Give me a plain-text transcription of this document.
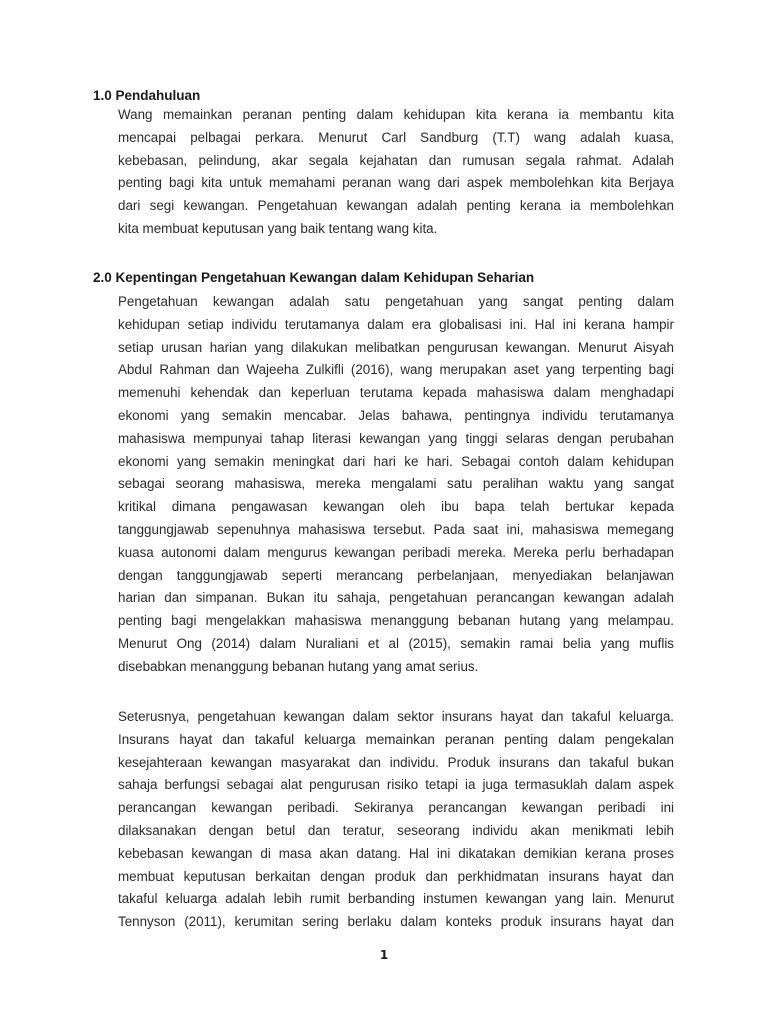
1.0 Pendahuluan
Wang memainkan peranan penting dalam kehidupan kita kerana ia membantu kita
mencapai pelbagai perkara. Menurut Carl Sandburg (T.T) wang adalah kuasa,
kebebasan, pelindung, akar segala kejahatan dan rumusan segala rahmat. Adalah
penting bagi kita untuk memahami peranan wang dari aspek membolehkan kita Berjaya
dari segi kewangan. Pengetahuan kewangan adalah penting kerana ia membolehkan
kita membuat keputusan yang baik tentang wang kita.
2.0 Kepentingan Pengetahuan Kewangan dalam Kehidupan Seharian
Pengetahuan kewangan adalah satu pengetahuan yang sangat penting dalam
kehidupan setiap individu terutamanya dalam era globalisasi ini. Hal ini kerana hampir
setiap urusan harian yang dilakukan melibatkan pengurusan kewangan. Menurut Aisyah
Abdul Rahman dan Wajeeha Zulkifli (2016), wang merupakan aset yang terpenting bagi
memenuhi kehendak dan keperluan terutama kepada mahasiswa dalam menghadapi
ekonomi yang semakin mencabar. Jelas bahawa, pentingnya individu terutamanya
mahasiswa mempunyai tahap literasi kewangan yang tinggi selaras dengan perubahan
ekonomi yang semakin meningkat dari hari ke hari. Sebagai contoh dalam kehidupan
sebagai seorang mahasiswa, mereka mengalami satu peralihan waktu yang sangat
kritikal dimana pengawasan kewangan oleh ibu bapa telah bertukar kepada
tanggungjawab sepenuhnya mahasiswa tersebut. Pada saat ini, mahasiswa memegang
kuasa autonomi dalam mengurus kewangan peribadi mereka. Mereka perlu berhadapan
dengan tanggungjawab seperti merancang perbelanjaan, menyediakan belanjawan
harian dan simpanan. Bukan itu sahaja, pengetahuan perancangan kewangan adalah
penting bagi mengelakkan mahasiswa menanggung bebanan hutang yang melampau.
Menurut Ong (2014) dalam Nuraliani et al (2015), semakin ramai belia yang muflis
disebabkan menanggung bebanan hutang yang amat serius.
Seterusnya, pengetahuan kewangan dalam sektor insurans hayat dan takaful keluarga.
Insurans hayat dan takaful keluarga memainkan peranan penting dalam pengekalan
kesejahteraan kewangan masyarakat dan individu. Produk insurans dan takaful bukan
sahaja berfungsi sebagai alat pengurusan risiko tetapi ia juga termasuklah dalam aspek
perancangan kewangan peribadi. Sekiranya perancangan kewangan peribadi ini
dilaksanakan dengan betul dan teratur, seseorang individu akan menikmati lebih
kebebasan kewangan di masa akan datang. Hal ini dikatakan demikian kerana proses
membuat keputusan berkaitan dengan produk dan perkhidmatan insurans hayat dan
takaful keluarga adalah lebih rumit berbanding instumen kewangan yang lain. Menurut
Tennyson (2011), kerumitan sering berlaku dalam konteks produk insurans hayat dan
1
